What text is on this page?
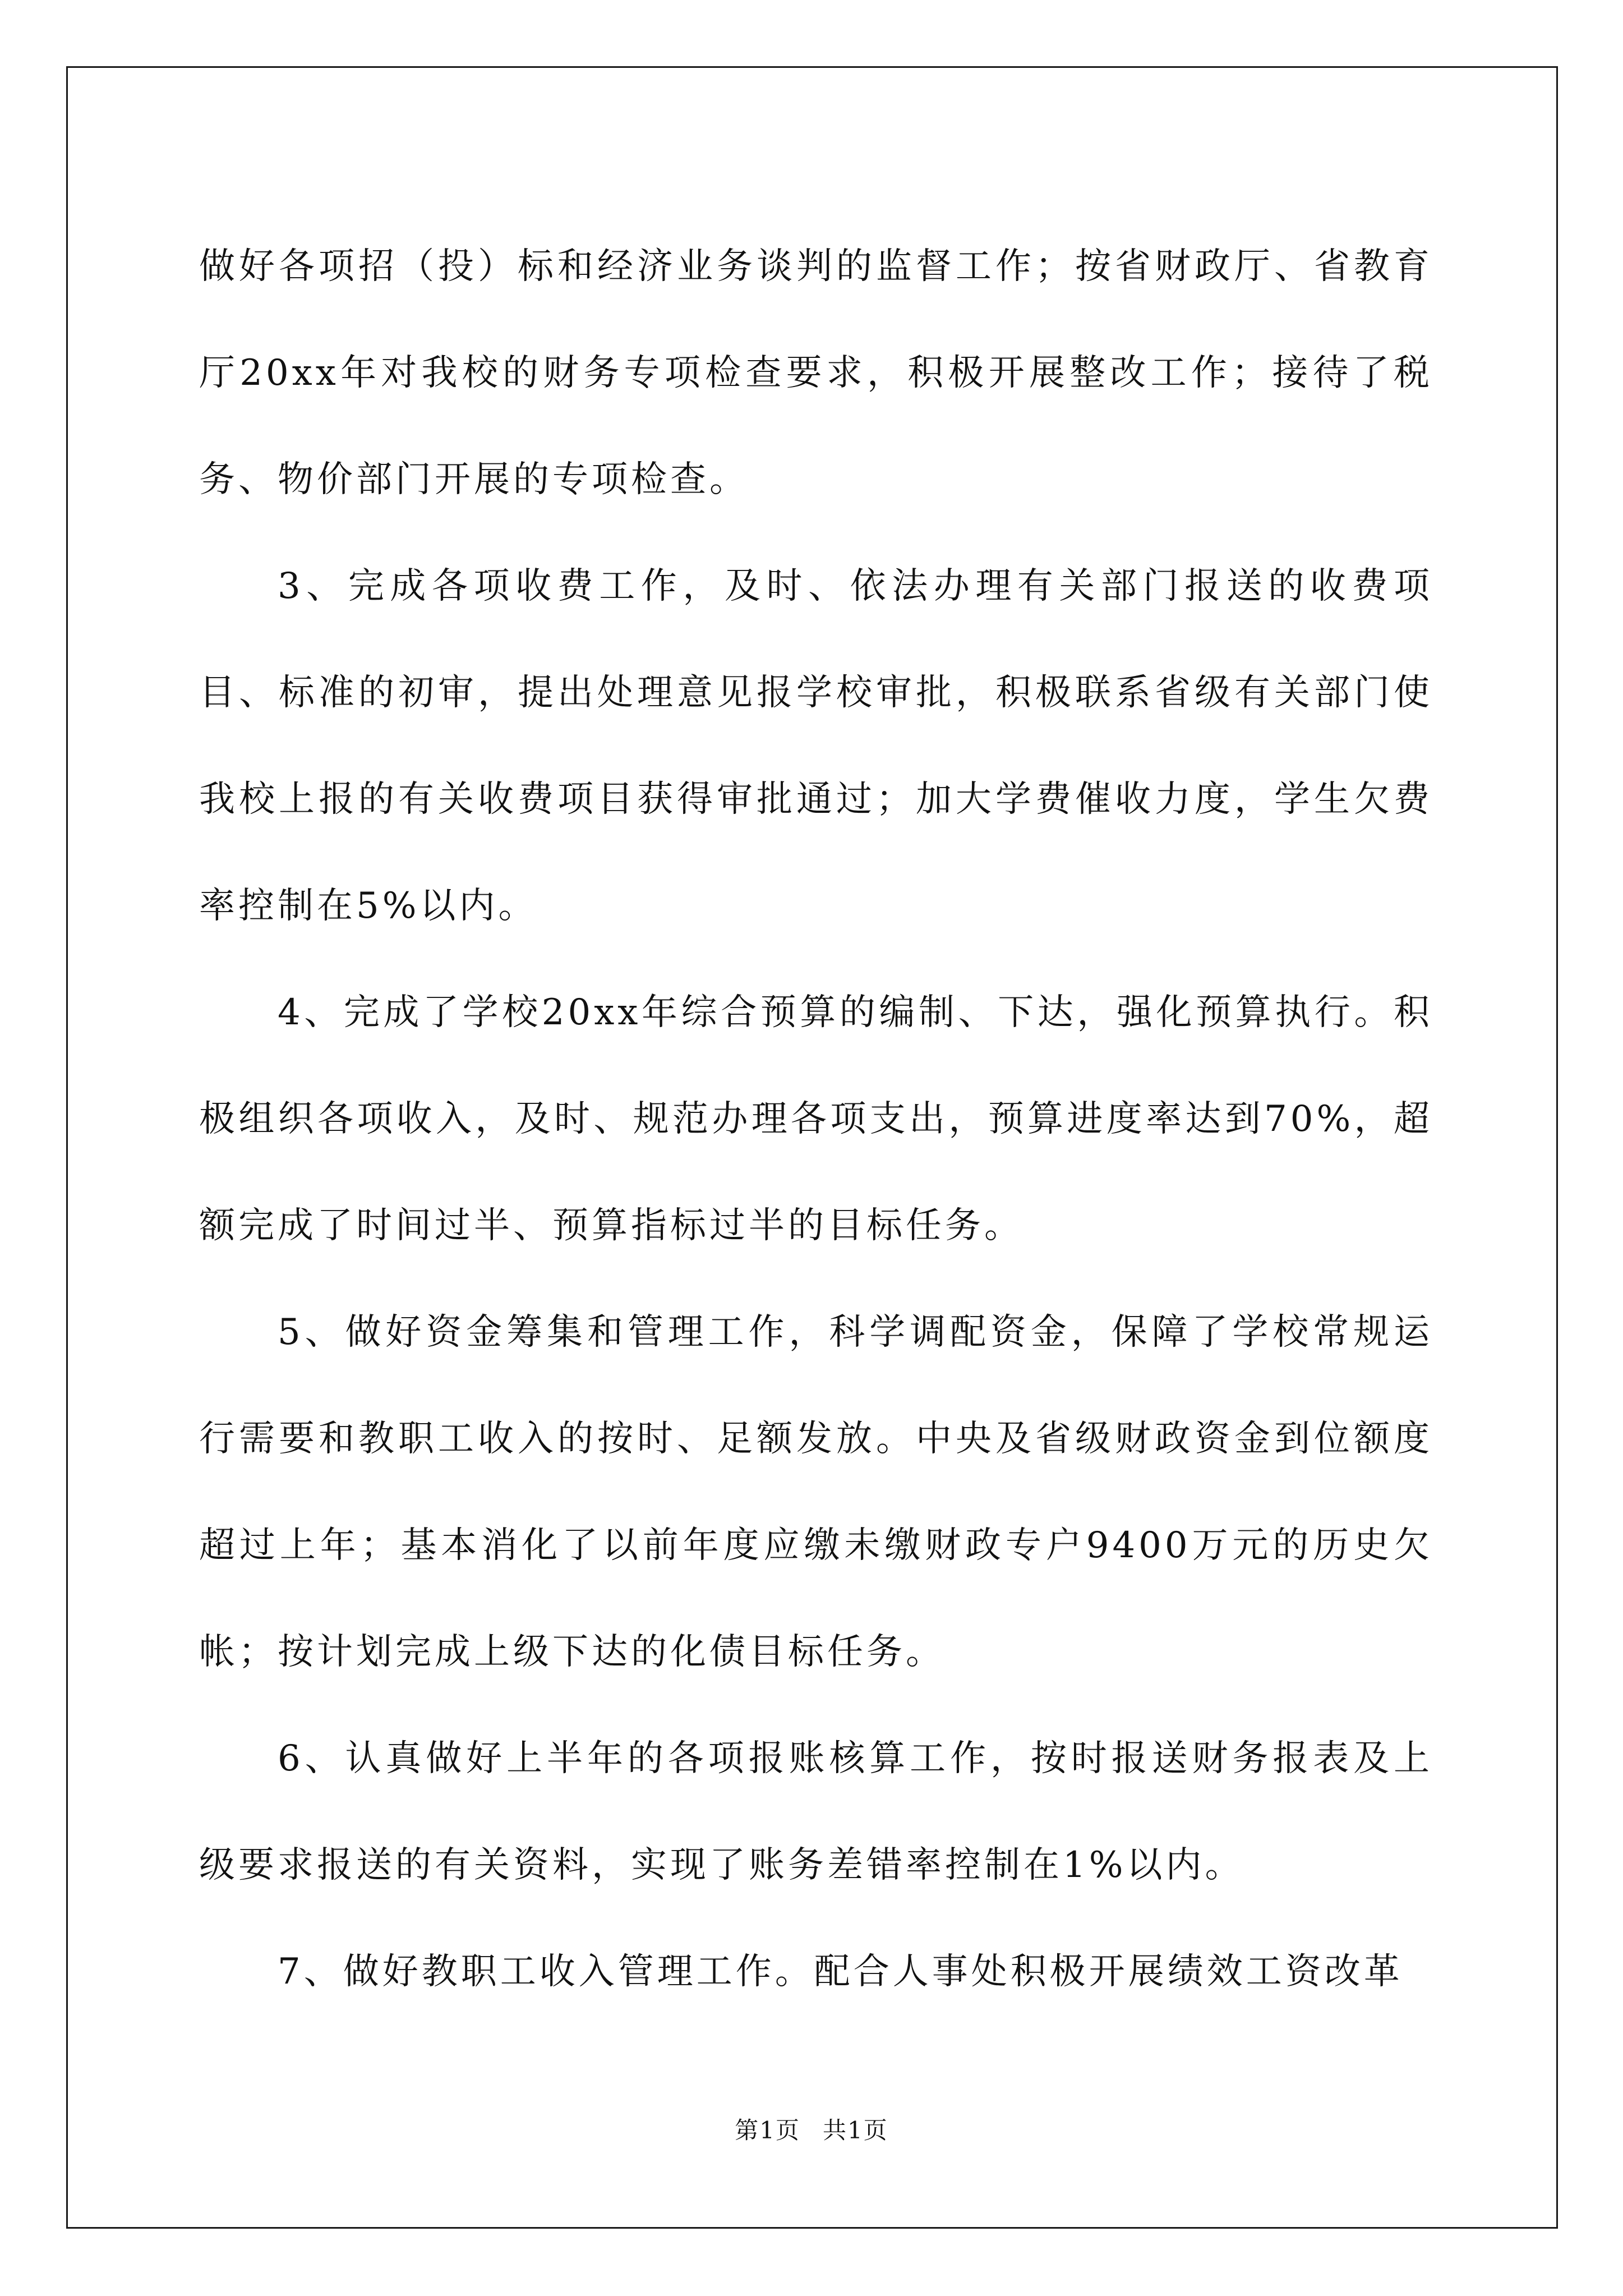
做好各项招（投）标和经济业务谈判的监督工作；按省财政厅、省教育厅20xx年对我校的财务专项检查要求，积极开展整改工作；接待了税务、物价部门开展的专项检查。

3、完成各项收费工作，及时、依法办理有关部门报送的收费项目、标准的初审，提出处理意见报学校审批，积极联系省级有关部门使我校上报的有关收费项目获得审批通过；加大学费催收力度，学生欠费率控制在5%以内。

4、完成了学校20xx年综合预算的编制、下达，强化预算执行。积极组织各项收入，及时、规范办理各项支出，预算进度率达到70%，超额完成了时间过半、预算指标过半的目标任务。

5、做好资金筹集和管理工作，科学调配资金，保障了学校常规运行需要和教职工收入的按时、足额发放。中央及省级财政资金到位额度超过上年；基本消化了以前年度应缴未缴财政专户9400万元的历史欠帐；按计划完成上级下达的化债目标任务。

6、认真做好上半年的各项报账核算工作，按时报送财务报表及上级要求报送的有关资料，实现了账务差错率控制在1%以内。

7、做好教职工收入管理工作。配合人事处积极开展绩效工资改革

第1页 共1页
